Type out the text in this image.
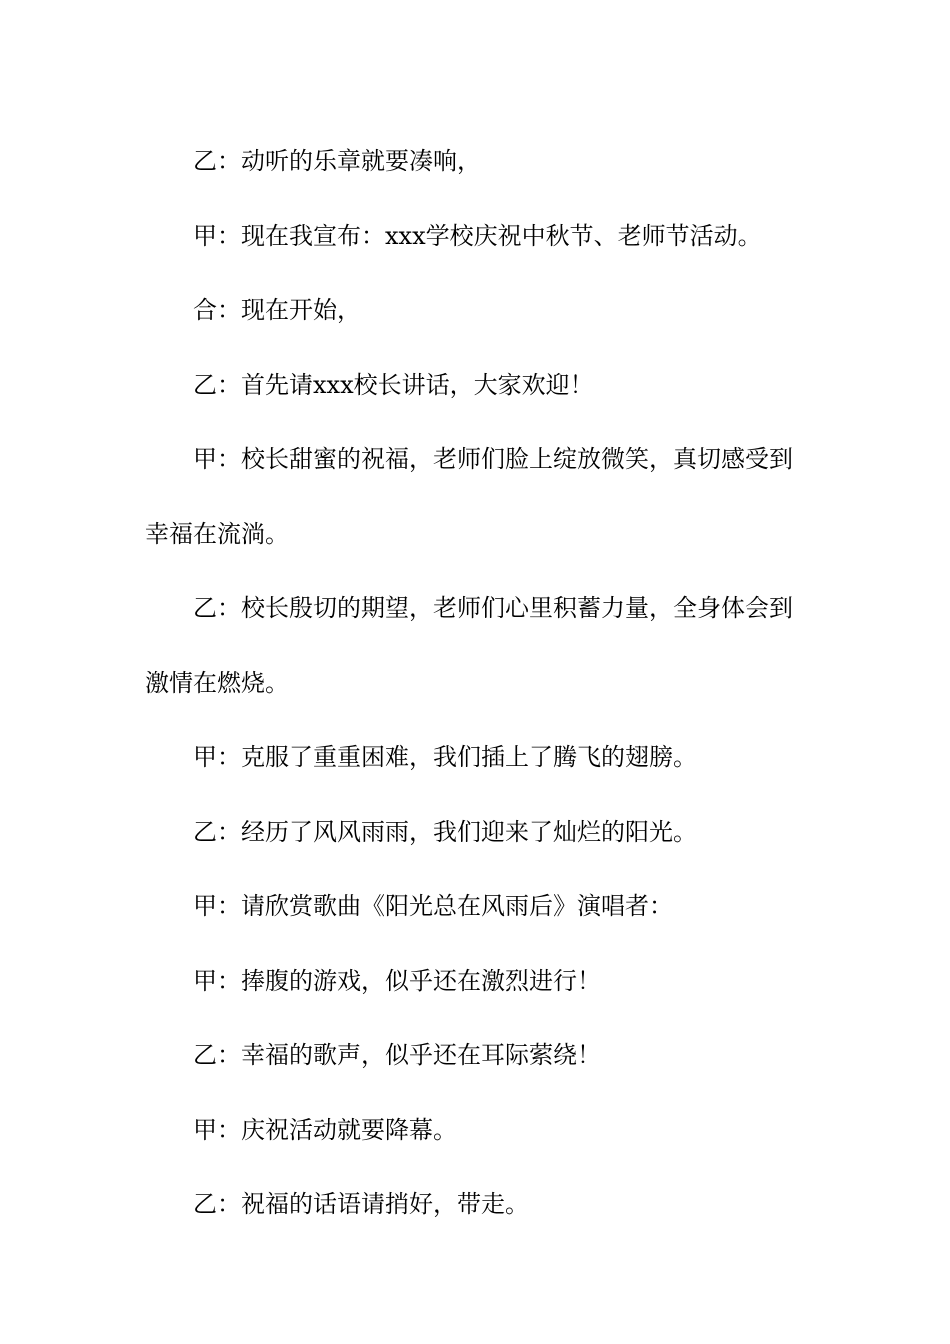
乙：动听的乐章就要凑响，

甲：现在我宣布：xxx学校庆祝中秋节、老师节活动。

合：现在开始，

乙：首先请xxx校长讲话，大家欢迎！

甲：校长甜蜜的祝福，老师们脸上绽放微笑，真切感受到幸福在流淌。

乙：校长殷切的期望，老师们心里积蓄力量，全身体会到激情在燃烧。

甲：克服了重重困难，我们插上了腾飞的翅膀。

乙：经历了风风雨雨，我们迎来了灿烂的阳光。

甲：请欣赏歌曲《阳光总在风雨后》演唱者：

甲：捧腹的游戏，似乎还在激烈进行！

乙：幸福的歌声，似乎还在耳际萦绕！

甲：庆祝活动就要降幕。

乙：祝福的话语请捎好，带走。
